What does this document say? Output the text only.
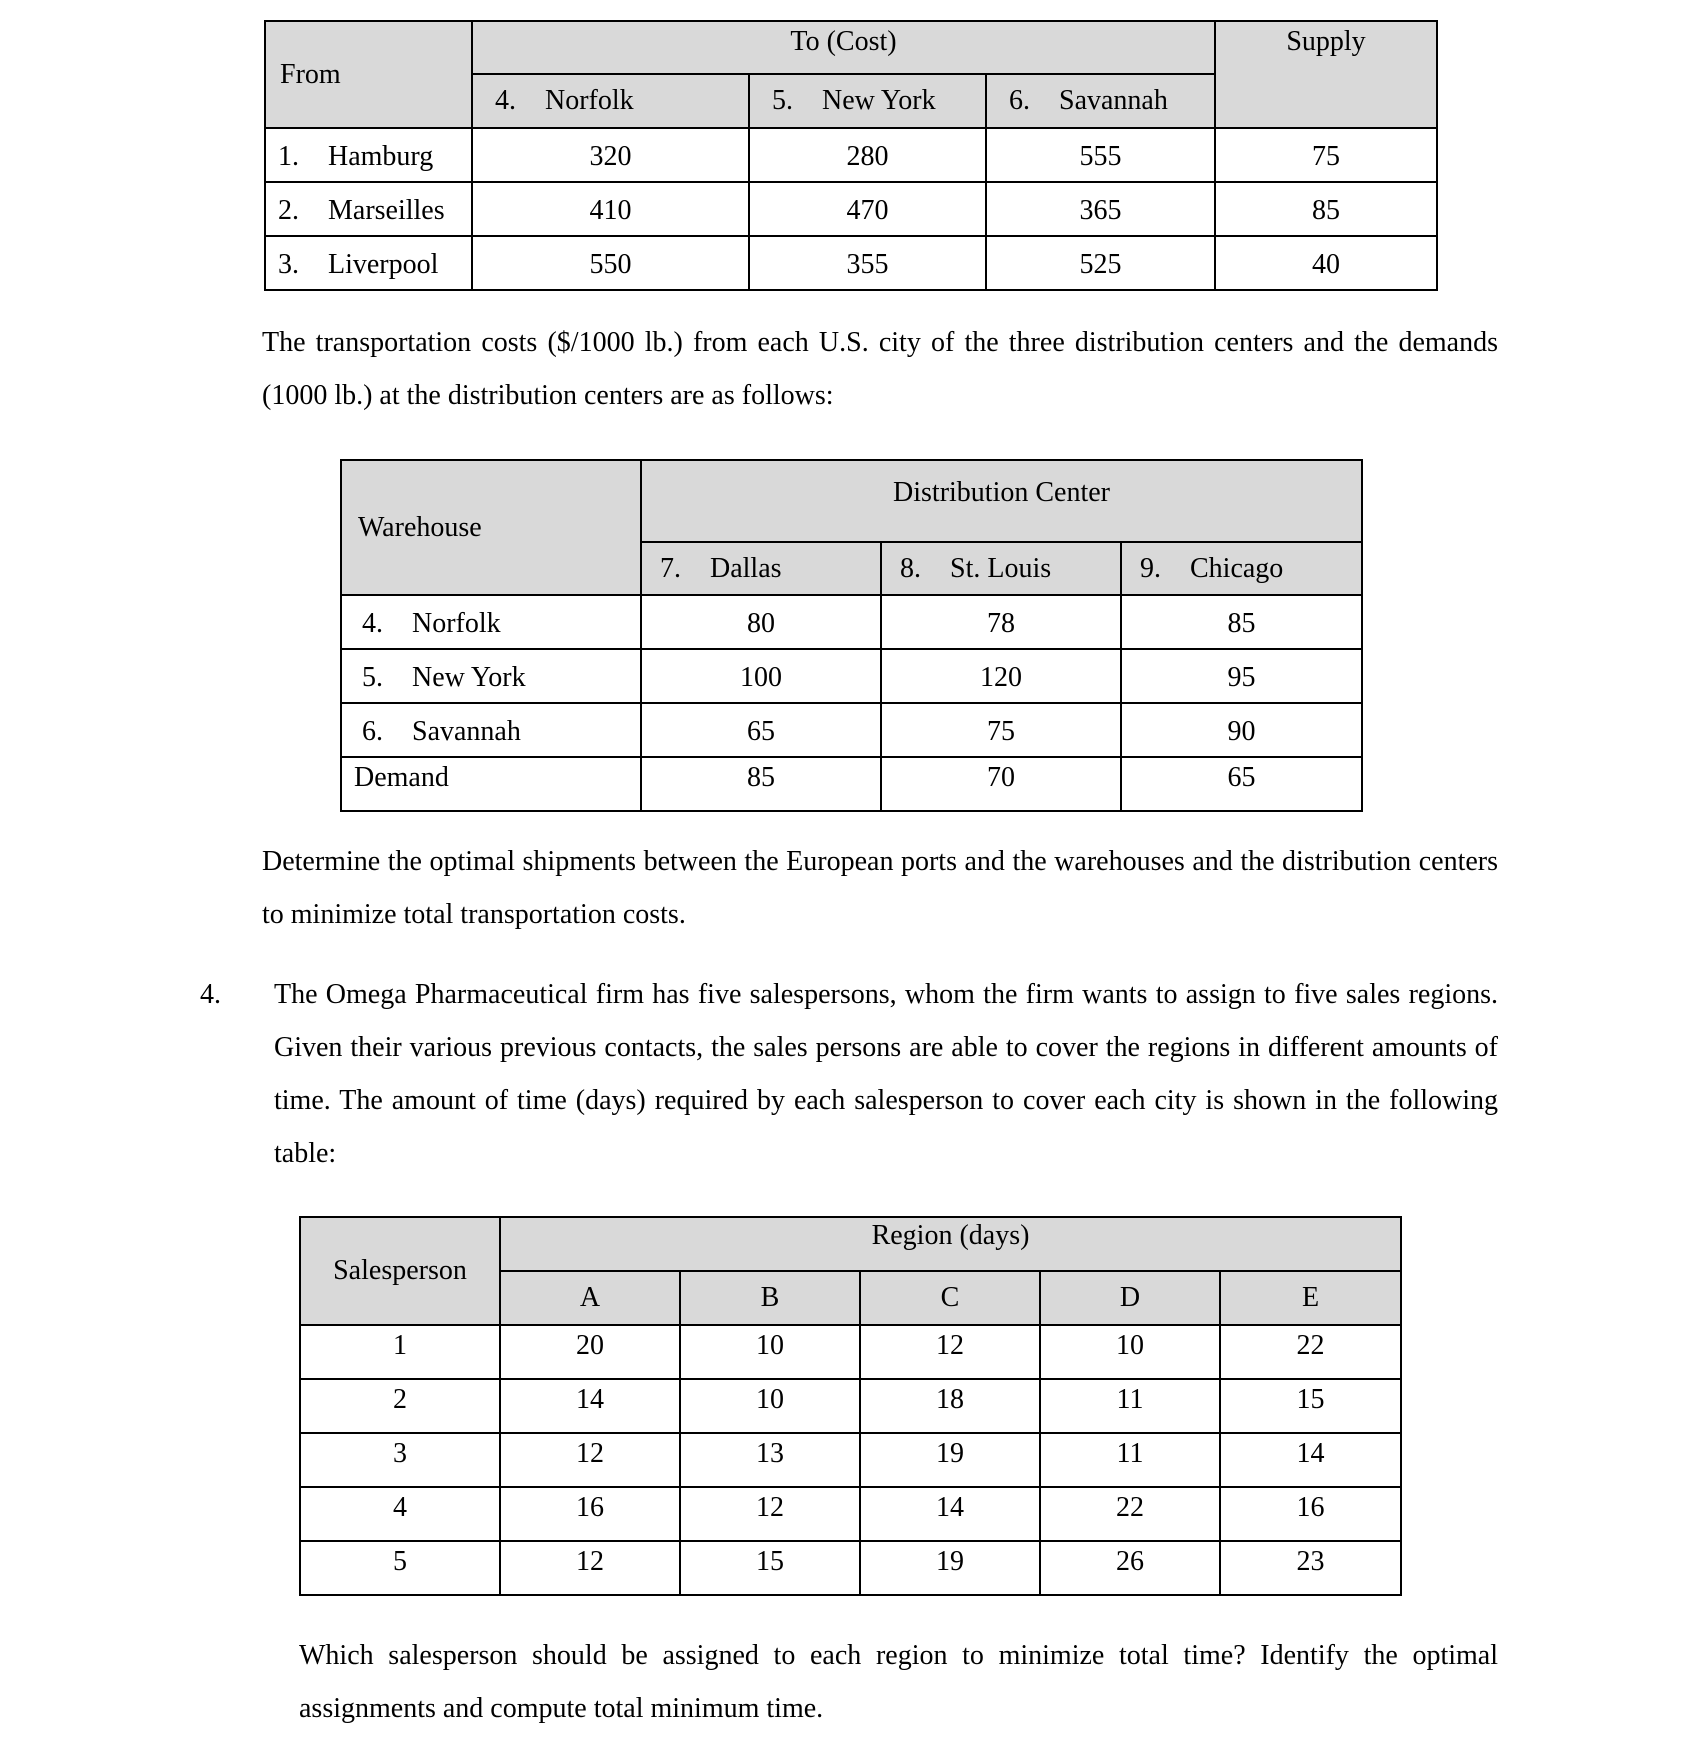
From	To (Cost)			Supply
	4. Norfolk	5. New York	6. Savannah	
1. Hamburg	320	280	555	75
2. Marseilles	410	470	365	85
3. Liverpool	550	355	525	40
The transportation costs ($/1000 lb.) from each U.S. city of the three distribution centers and the demands (1000 lb.) at the distribution centers are as follows:
Warehouse	Distribution Center		
	7. Dallas	8. St. Louis	9. Chicago
4. Norfolk	80	78	85
5. New York	100	120	95
6. Savannah	65	75	90
Demand	85	70	65
Determine the optimal shipments between the European ports and the warehouses and the distribution centers to minimize total transportation costs.
4. The Omega Pharmaceutical firm has five salespersons, whom the firm wants to assign to five sales regions. Given their various previous contacts, the sales persons are able to cover the regions in different amounts of time. The amount of time (days) required by each salesperson to cover each city is shown in the following table:
Salesperson	Region (days)				
	A	B	C	D	E
1	20	10	12	10	22
2	14	10	18	11	15
3	12	13	19	11	14
4	16	12	14	22	16
5	12	15	19	26	23
Which salesperson should be assigned to each region to minimize total time? Identify the optimal assignments and compute total minimum time.
